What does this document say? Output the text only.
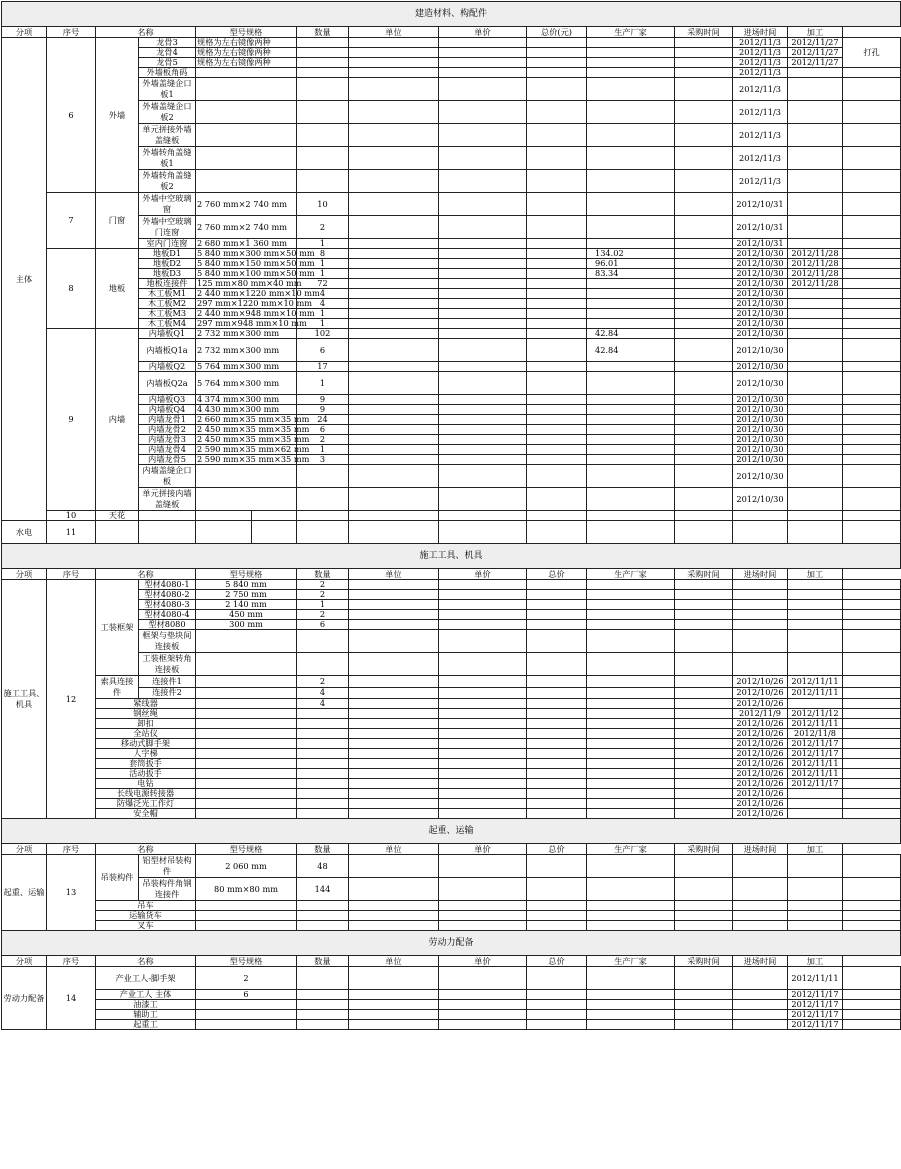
建造材料、构配件														
分项	序号	名称		型号规格		数量	单位	单价	总价(元)	生产厂家	采购时间	进场时间	加工	
主体	6	外墙	龙骨3	规格为左右镜像两种								2012/11/3	2012/11/27	打孔
			龙骨4	规格为左右镜像两种								2012/11/3	2012/11/27	
			龙骨5	规格为左右镜像两种								2012/11/3	2012/11/27	
			外墙板角码									2012/11/3		
			外墙盖缝企口板1									2012/11/3		
			外墙盖缝企口板2									2012/11/3		
			单元拼接外墙盖缝板									2012/11/3		
			外墙转角盖缝板1									2012/11/3		
			外墙转角盖缝板2									2012/11/3		
	7	门窗	外墙中空玻璃窗	2 760 mm×2 740 mm		10						2012/10/31		
			外墙中空玻璃门连窗	2 760 mm×2 740 mm		2						2012/10/31		
			室内门连窗	2 680 mm×1 360 mm		1						2012/10/31		
	8	地板	地板D1	5 840 mm×300 mm×50 mm		8				134.02		2012/10/30	2012/11/28	
			地板D2	5 840 mm×150 mm×50 mm		1				96.01		2012/10/30	2012/11/28	
			地板D3	5 840 mm×100 mm×50 mm		1				83.34		2012/10/30	2012/11/28	
			地板连接件	125 mm×80 mm×40 mm		72						2012/10/30	2012/11/28	
			木工板M1	2 440 mm×1220 mm×10 mm		4						2012/10/30		
			木工板M2	297 mm×1220 mm×10 mm		4						2012/10/30		
			木工板M3	2 440 mm×948 mm×10 mm		1						2012/10/30		
			木工板M4	297 mm×948 mm×10 mm		1						2012/10/30		
	9	内墙	内墙板Q1	2 732 mm×300 mm		102				42.84		2012/10/30		
			内墙板Q1a	2 732 mm×300 mm		6				42.84		2012/10/30		
			内墙板Q2	5 764 mm×300 mm		17						2012/10/30		
			内墙板Q2a	5 764 mm×300 mm		1						2012/10/30		
			内墙板Q3	4 374 mm×300 mm		9						2012/10/30		
			内墙板Q4	4 430 mm×300 mm		9						2012/10/30		
			内墙龙骨1	2 660 mm×35 mm×35 mm		24						2012/10/30		
			内墙龙骨2	2 450 mm×35 mm×35 mm		6						2012/10/30		
			内墙龙骨3	2 450 mm×35 mm×35 mm		2						2012/10/30		
			内墙龙骨4	2 590 mm×35 mm×62 mm		1						2012/10/30		
			内墙龙骨5	2 590 mm×35 mm×35 mm		3						2012/10/30		
			内墙盖缝企口板									2012/10/30		
			单元拼接内墙盖缝板									2012/10/30		
	10	天花												
水电	11													
施工工具、机具														
分项	序号	名称		型号规格		数量	单位	单价	总价	生产厂家	采购时间	进场时间	加工	
施工工具、机具	12	工装框架	型材4080-1	5 840 mm		2								
			型材4080-2	2 750 mm		2								
			型材4080-3	2 140 mm		1								
			型材4080-4	450 mm		2								
			型材8080	300 mm		6								
			框架与垫块间连接板											
			工装框架转角连接板											
		索具连接件	连接件1			2						2012/10/26	2012/11/11	
			连接件2			4						2012/10/26	2012/11/11	
		紧线器				4						2012/10/26		
		钢丝绳										2012/11/9	2012/11/12	
		卸扣										2012/10/26	2012/11/11	
		全站仪										2012/10/26	2012/11/8	
		移动式脚手架										2012/10/26	2012/11/17	
		人字梯										2012/10/26	2012/11/17	
		套筒扳手										2012/10/26	2012/11/11	
		活动扳手										2012/10/26	2012/11/11	
		电钻										2012/10/26	2012/11/17	
		长线电源转接器										2012/10/26		
		防爆泛光工作灯										2012/10/26		
		安全帽										2012/10/26		
起重、运输														
分项	序号	名称		型号规格		数量	单位	单价	总价	生产厂家	采购时间	进场时间	加工	
起重、运输	13	吊装构件	铝型材吊装构件	2 060 mm		48								
			吊装构件角钢连接件	80 mm×80 mm		144								
		吊车												
		运输货车												
		叉车												
劳动力配备														
分项	序号	名称		型号规格		数量	单位	单价	总价	生产厂家	采购时间	进场时间	加工	
劳动力配备	14	产业工人-脚手架		2									2012/11/11	
		产业工人 主体		6									2012/11/17	
		油漆工											2012/11/17	
		辅助工											2012/11/17	
		起重工											2012/11/17	
